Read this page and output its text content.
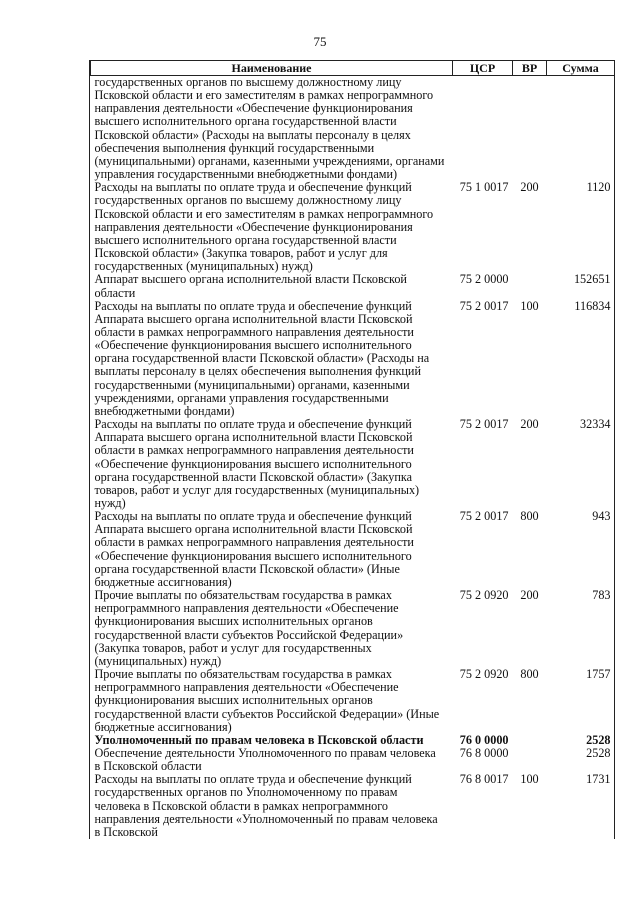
75
Наименование	ЦСР	ВР	Сумма
государственных органов по высшему должностному лицу Псковской области и его заместителям в рамках непрограммного направления деятельности «Обеспечение функционирования высшего исполнительного органа государственной власти Псковской области» (Расходы на выплаты персоналу в целях обеспечения выполнения функций государственными (муниципальными) органами, казенными учреждениями, органами управления государственными внебюджетными фондами)			
Расходы на выплаты по оплате труда и обеспечение функций государственных органов по высшему должностному лицу Псковской области и его заместителям в рамках непрограммного направления деятельности «Обеспечение функционирования высшего исполнительного органа государственной власти Псковской области» (Закупка товаров, работ и услуг для государственных (муниципальных) нужд)	75 1 0017	200	1120
Аппарат высшего органа исполнительной власти Псковской области	75 2 0000		152651
Расходы на выплаты по оплате труда и обеспечение функций Аппарата высшего органа исполнительной власти Псковской области в рамках непрограммного направления деятельности «Обеспечение функционирования высшего исполнительного органа государственной власти Псковской области» (Расходы на выплаты персоналу в целях обеспечения выполнения функций государственными (муниципальными) органами, казенными учреждениями, органами управления государственными внебюджетными фондами)	75 2 0017	100	116834
Расходы на выплаты по оплате труда и обеспечение функций Аппарата высшего органа исполнительной власти Псковской области в рамках непрограммного направления деятельности «Обеспечение функционирования высшего исполнительного органа государственной власти Псковской области» (Закупка товаров, работ и услуг для государственных (муниципальных) нужд)	75 2 0017	200	32334
Расходы на выплаты по оплате труда и обеспечение функций Аппарата высшего органа исполнительной власти Псковской области в рамках непрограммного направления деятельности «Обеспечение функционирования высшего исполнительного органа государственной власти Псковской области» (Иные бюджетные ассигнования)	75 2 0017	800	943
Прочие выплаты по обязательствам государства в рамках непрограммного направления деятельности «Обеспечение функционирования высших исполнительных органов государственной власти субъектов Российской Федерации» (Закупка товаров, работ и услуг для государственных (муниципальных) нужд)	75 2 0920	200	783
Прочие выплаты по обязательствам государства в рамках непрограммного направления деятельности «Обеспечение функционирования высших исполнительных органов государственной власти субъектов Российской Федерации» (Иные бюджетные ассигнования)	75 2 0920	800	1757
Уполномоченный по правам человека в Псковской области	76 0 0000		2528
Обеспечение деятельности Уполномоченного по правам человека в Псковской области	76 8 0000		2528
Расходы на выплаты по оплате труда и обеспечение функций государственных органов по Уполномоченному по правам человека в Псковской области в рамках непрограммного направления деятельности «Уполномоченный по правам человека в Псковской	76 8 0017	100	1731
